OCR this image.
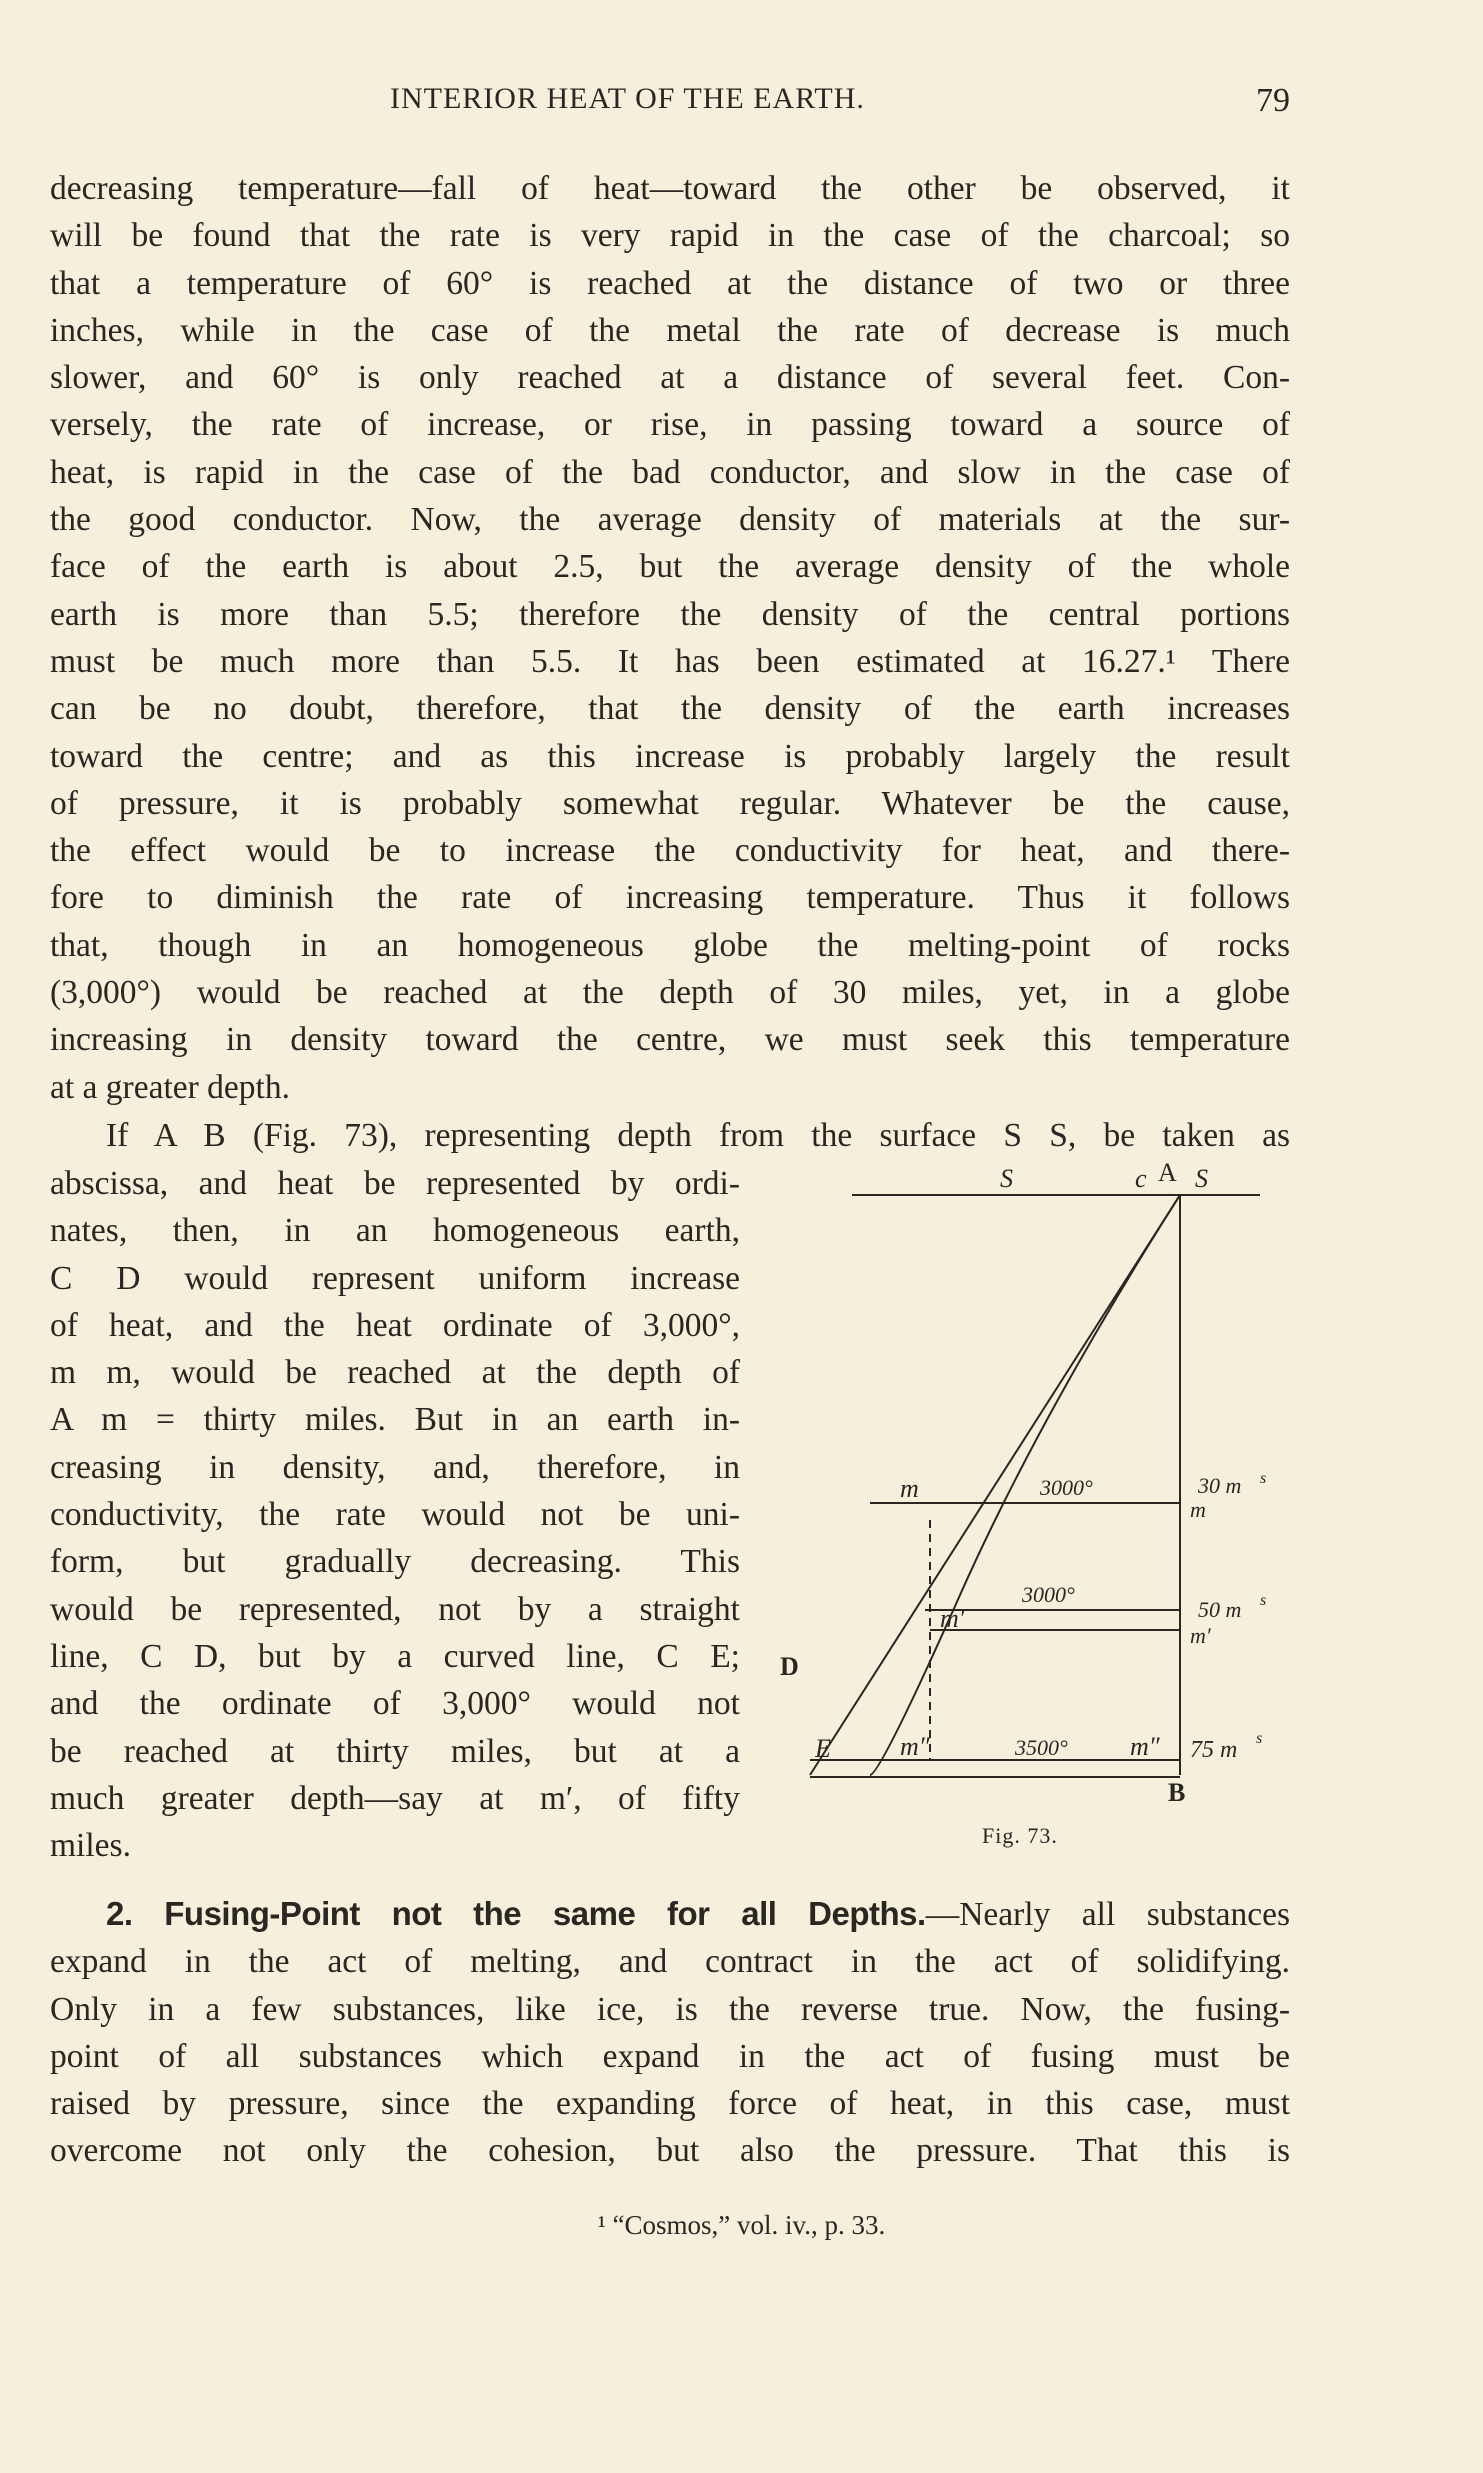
INTERIOR HEAT OF THE EARTH.	79
decreasing temperature—fall of heat—toward the other be observed, it
will be found that the rate is very rapid in the case of the charcoal; so
that a temperature of 60° is reached at the distance of two or three
inches, while in the case of the metal the rate of decrease is much
slower, and 60° is only reached at a distance of several feet. Con-
versely, the rate of increase, or rise, in passing toward a source of
heat, is rapid in the case of the bad conductor, and slow in the case of
the good conductor. Now, the average density of materials at the sur-
face of the earth is about 2.5, but the average density of the whole
earth is more than 5.5; therefore the density of the central portions
must be much more than 5.5. It has been estimated at 16.27.¹ There
can be no doubt, therefore, that the density of the earth increases
toward the centre; and as this increase is probably largely the result
of pressure, it is probably somewhat regular. Whatever be the cause,
the effect would be to increase the conductivity for heat, and there-
fore to diminish the rate of increasing temperature. Thus it follows
that, though in an homogeneous globe the melting-point of rocks
(3,000°) would be reached at the depth of 30 miles, yet, in a globe
increasing in density toward the centre, we must seek this temperature
at a greater depth.
If A B (Fig. 73), representing depth from the surface S S, be taken as
abscissa, and heat be represented by ordi-
nates, then, in an homogeneous earth,
C D would represent uniform increase
of heat, and the heat ordinate of 3,000°,
m m, would be reached at the depth of
A m = thirty miles. But in an earth in-
creasing in density, and, therefore, in
conductivity, the rate would not be uni-
form, but gradually decreasing. This
would be represented, not by a straight
line, C D, but by a curved line, C E;
and the ordinate of 3,000° would not
be reached at thirty miles, but at a
much greater depth—say at m′, of fifty
miles.
S	c A S
m
m′
m″	m″
3000°
3000°
3500°
30 m s
m
50 m s
m′
75 m s
D
E
B
Fig. 73.
2. Fusing-Point not the same for all Depths.—Nearly all substances
expand in the act of melting, and contract in the act of solidifying.
Only in a few substances, like ice, is the reverse true. Now, the fusing-
point of all substances which expand in the act of fusing must be
raised by pressure, since the expanding force of heat, in this case, must
overcome not only the cohesion, but also the pressure. That this is
¹ “Cosmos,” vol. iv., p. 33.
